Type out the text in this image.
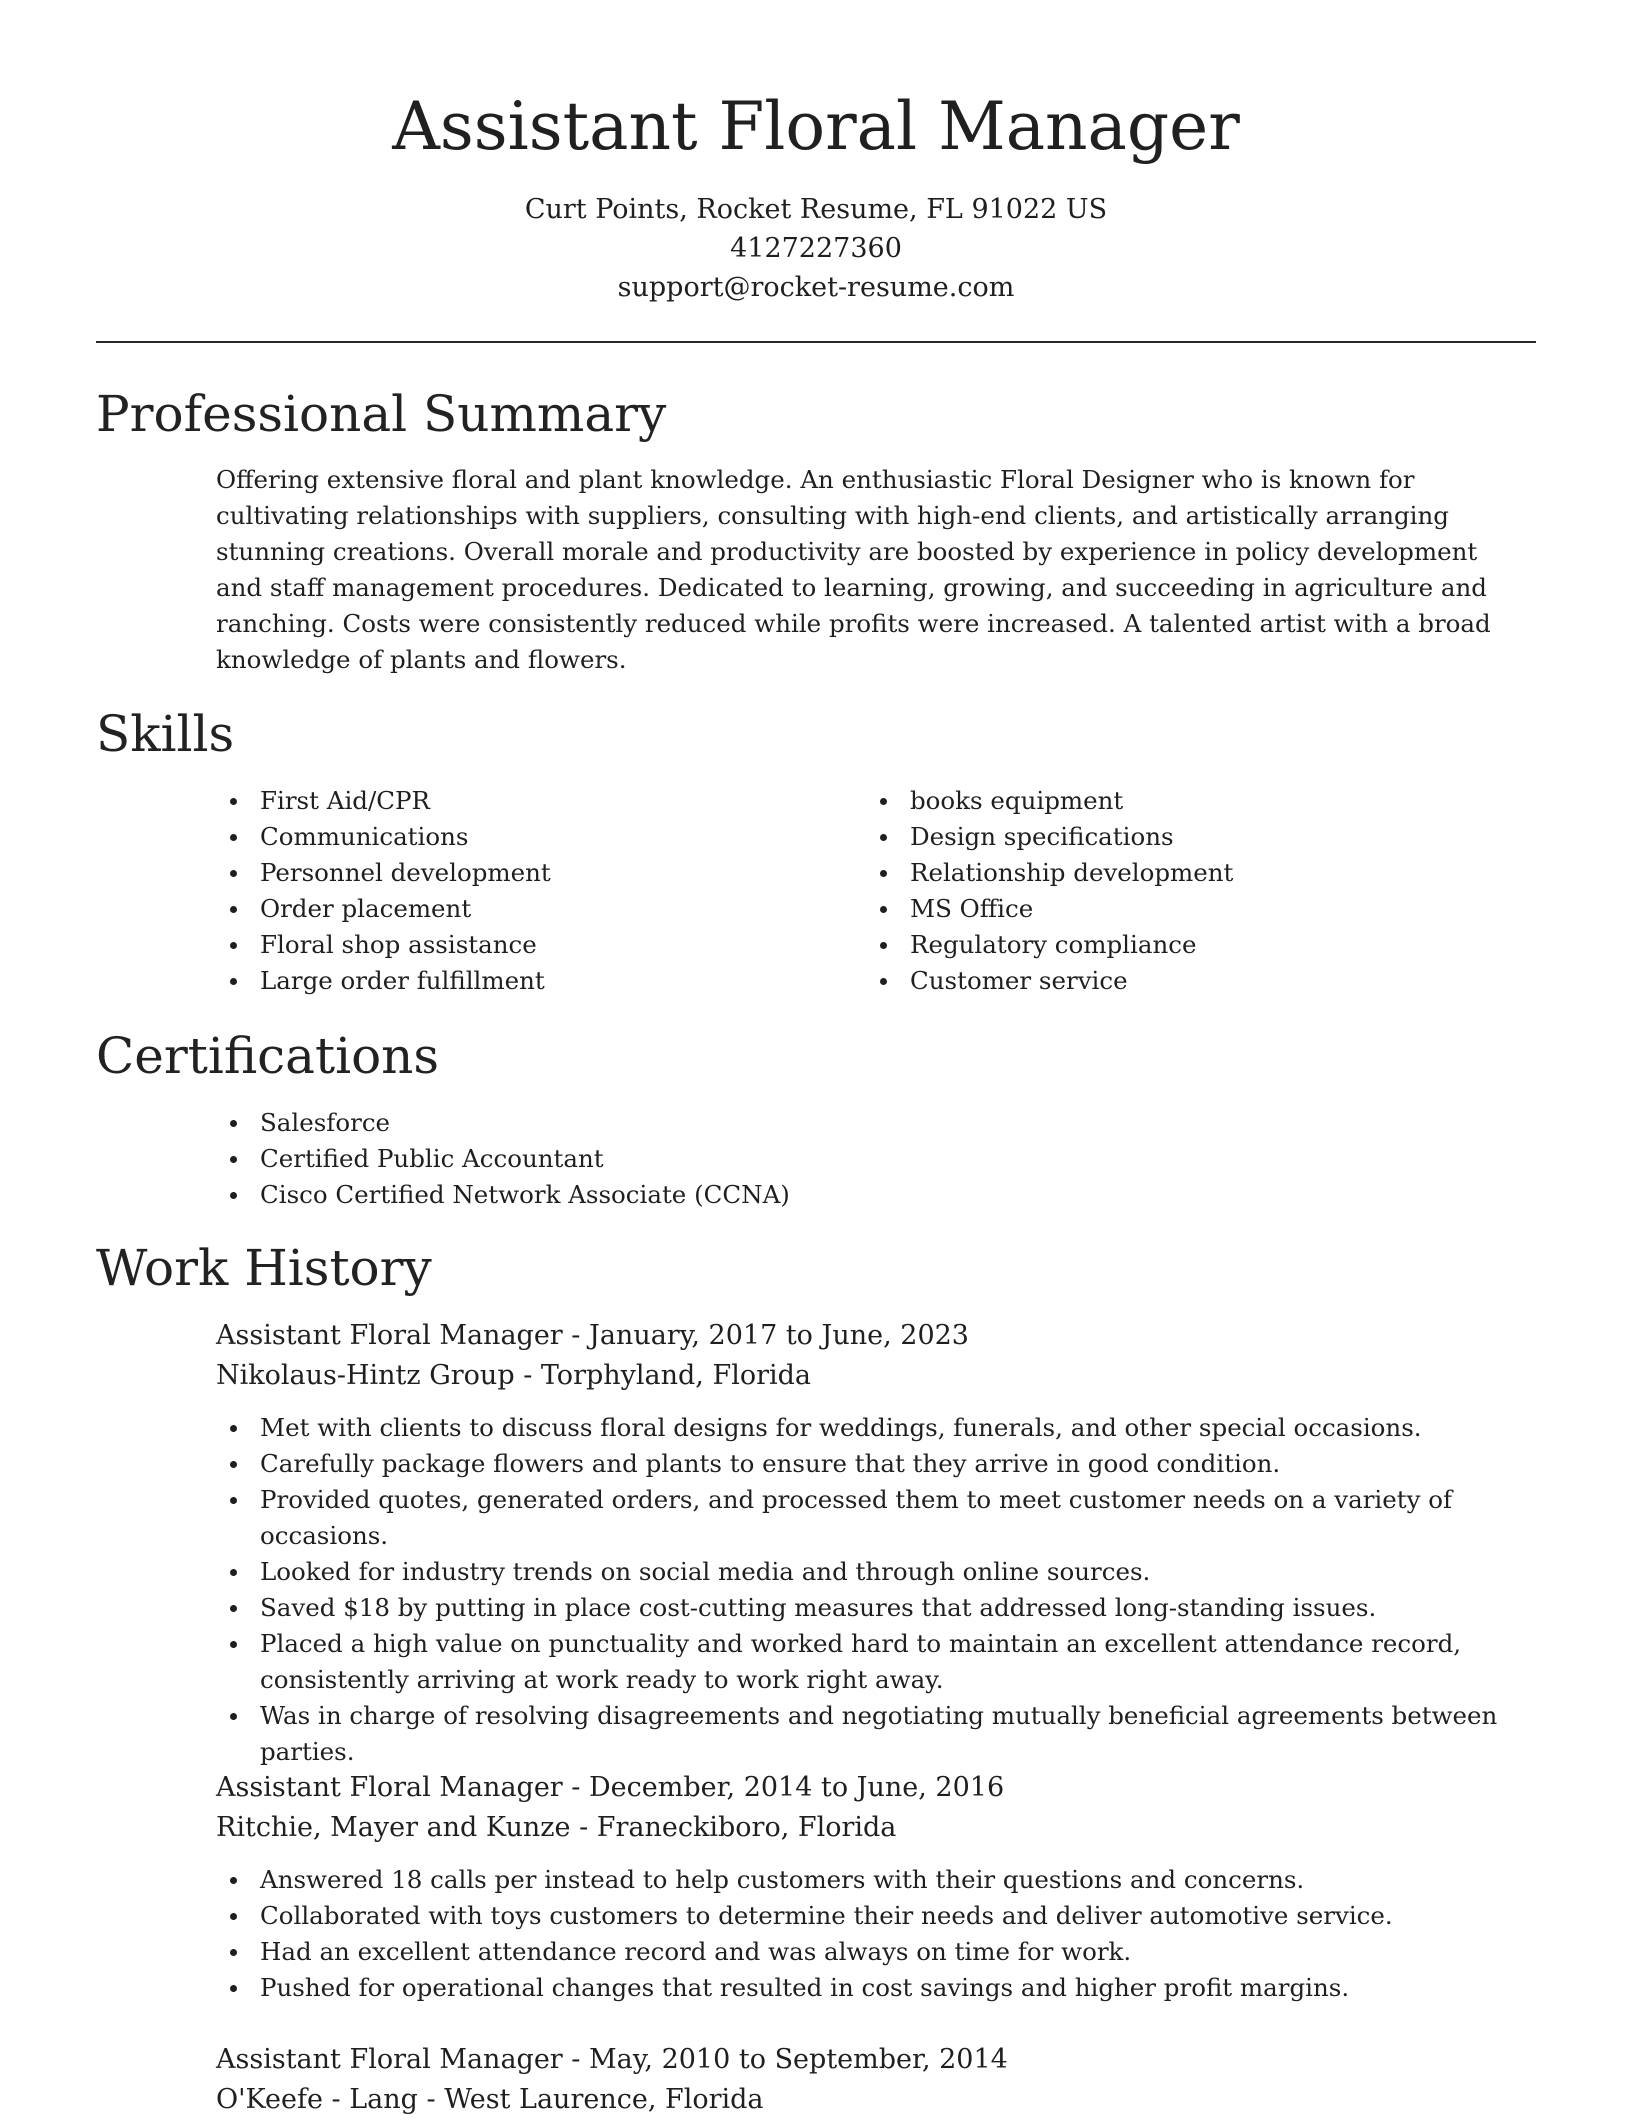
Assistant Floral Manager
Curt Points, Rocket Resume, FL 91022 US
4127227360
support@rocket-resume.com
Professional Summary

Offering extensive floral and plant knowledge. An enthusiastic Floral Designer who is known for cultivating relationships with suppliers, consulting with high-end clients, and artistically arranging stunning creations. Overall morale and productivity are boosted by experience in policy development and staff management procedures. Dedicated to learning, growing, and succeeding in agriculture and ranching. Costs were consistently reduced while profits were increased. A talented artist with a broad knowledge of plants and flowers.

Skills
First Aid/CPR
Communications
Personnel development
Order placement
Floral shop assistance
Large order fulfillment
books equipment
Design specifications
Relationship development
MS Office
Regulatory compliance
Customer service
Certifications
Salesforce
Certified Public Accountant
Cisco Certified Network Associate (CCNA)
Work History
Assistant Floral Manager - January, 2017 to June, 2023
Nikolaus-Hintz Group - Torphyland, Florida
Met with clients to discuss floral designs for weddings, funerals, and other special occasions.
Carefully package flowers and plants to ensure that they arrive in good condition.
Provided quotes, generated orders, and processed them to meet customer needs on a variety of occasions.
Looked for industry trends on social media and through online sources.
Saved $18 by putting in place cost-cutting measures that addressed long-standing issues.
Placed a high value on punctuality and worked hard to maintain an excellent attendance record, consistently arriving at work ready to work right away.
Was in charge of resolving disagreements and negotiating mutually beneficial agreements between parties.
Assistant Floral Manager - December, 2014 to June, 2016
Ritchie, Mayer and Kunze - Franeckiboro, Florida
Answered 18 calls per instead to help customers with their questions and concerns.
Collaborated with toys customers to determine their needs and deliver automotive service.
Had an excellent attendance record and was always on time for work.
Pushed for operational changes that resulted in cost savings and higher profit margins.
Assistant Floral Manager - May, 2010 to September, 2014
O'Keefe - Lang - West Laurence, Florida
